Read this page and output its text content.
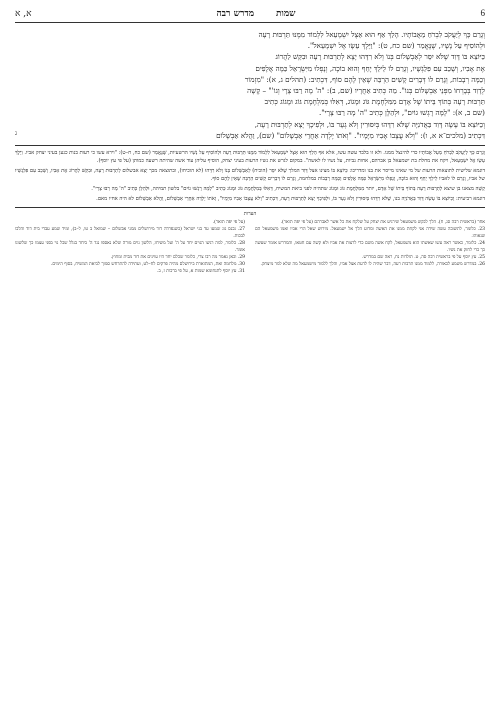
6
שמות
מדרש רבה
א, א
וְגָרַם כָּךְ לְיַעֲקֹב לִבְרֹחַ מֵאֲבוֹתָיו. הָלַךְ אַף הוּא אֵצֶל יִשְׁמָעֵאל לִלְמוֹד מִמֶּנּוּ תַּרְבּוּת רָעָה
וּלְהוֹסִיף עַל נָשָׁיו, שֶׁנֶּאֱמַר (שם כח, ט): "וַיֵּלֶךְ עֵשָׂו אֶל יִשְׁמָעֵאל".
כַּיּוֹצֵא בּוֹ דָּוִד שֶׁלֹּא יִסֵּר לְאַבְשָׁלוֹם בְּנוֹ וְלֹא רִדָּהוּ יָצָא לְתַרְבּוּת רָעָה וּבִקֵּשׁ לַהֲרוֹג
אֶת אָבִיו, וְשָׁכַב עִם פִּלַגְשָׁיו, וְגָרַם לוֹ לֵילֵךְ יָחֵף וְהוּא בוֹכֶה, וְנָפְלוּ מִיִּשְׂרָאֵל כַּמָּה אֲלָפִים
וְכַמָּה רְבָבוֹת, וְגָרַם לוֹ דְּבָרִים קָשִׁים הַרְבֵּה שֶׁאֵין לָהֶם סוֹף, דִּכְתִיב: (תהלים ג, א): "מִזְמוֹר
לְדָוִד בְּבָרְחוֹ מִפְּנֵי אַבְשָׁלוֹם בְּנוֹ". מַה כְּתִיב אַחֲרָיו (שם, ב): "ה' מָה רַבּוּ צָרָי וְגוֹ'" – קָשָׁה
תַּרְבּוּת רָעָה בְּתוֹךְ בֵּיתוֹ שֶׁל אָדָם מִמִּלְחֶמֶת גּוֹג וּמָגוֹג, דְּאִלּוּ בְּמִלְחֶמֶת גּוֹג וּמָגוֹג כְּתִיב
(שם ב, א): "לָמָּה רָגְשׁוּ גוֹיִם", וּלְהַלָּן כְּתִיב "ה' מָה רַבּוּ צָרָי".
וְכַיּוֹצֵא בּוֹ עָשָׂה דָּוִד בַּאֲדֹנִיָּה שֶׁלֹּא רִדָּהוּ בְּיִסּוּרִין וְלֹא גְעָר בּוֹ, וּלְפִיכָךְ יָצָא לְתַרְבּוּת רָעָה,
דִּכְתִיב (מלכים־א א, ו): "וְלֹא עֲצָבוֹ אָבִיו מִיָּמָיו". "וְאֹתוֹ יָלְדָה אַחֲרֵי אַבְשָׁלוֹם" (שם), וַהֲלֹא אַבְשָׁלוֹם
ג

וְגָרַם כָּךְ לְיַעֲקֹב לִבְרֹחַ מֵעַל אֲבוֹתָיו כדי להינצל ממנו. ולא זו בלבד עשה עשו, אלא אף הָלַךְ הוּא אֵצֶל יִשְׁמָעֵאל לִלְמוֹד מִמֶּנּוּ תַּרְבּוּת רָעָה וּלְהוֹסִיף עַל נָשָׁיו הרשעיות, שֶׁנֶּאֱמַר (שם כח, ח–ט): "וירא עשו כי רעות בנות כנען בעיני יצחק אביו. וַיֵּלֶךְ עֵשָׂו אֶל יִשְׁמָעֵאל, ויקח את מחלת בת ישמעאל בן אברהם, אחות נביות, על נשיו לו לאשה". במקום לגרש את נשיו הרעות בעיני יצחק, הוסיף עליהן עוד אשה שהיתה רשעה כמותן (על פי עץ יוסף).

דוגמא שלישית לתוצאות הרעות של מי שאינו מייסר את בנו ומדריכו: כַּיּוֹצֵא בּוֹ מצינו אצל דָּוִד המלך שֶׁלֹּא יִסֵּר (הוכיח) לְאַבְשָׁלוֹם בְּנוֹ וְלֹא רִדָּהוּ (לא הוכיחו), ובתוצאה מכך יָצָא אבשלום לְתַרְבּוּת רָעָה, וּבִקֵּשׁ לַהֲרוֹג אֶת אָבִיו, וְשָׁכַב עִם פִּלַגְשָׁיו של אביו, וְגָרַם לוֹ לאביו לֵילֵךְ יָחֵף וְהוּא בוֹכֶה, וְנָפְלוּ מִיִּשְׂרָאֵל כַּמָּה אֲלָפִים וְכַמָּה רְבָבוֹת במלחמה, וְגָרַם לוֹ דְּבָרִים קָשִׁים הַרְבֵּה שֶׁאֵין לָהֶם סוֹף.

קָשָׁה מצאנו בן שיצא לְתַרְבּוּת רָעָה בְּתוֹךְ בֵּיתוֹ שֶׁל אָדָם, יותר מִמִּלְחֶמֶת גּוֹג וּמָגוֹג שתהיה לפני ביאת המשיח, דְּאִלּוּ בְּמִלְחֶמֶת גּוֹג וּמָגוֹג כְּתִיב "לָמָּה רָגְשׁוּ גוֹיִם" בלשון תמיהה, וּלְהַלָּן כְּתִיב "ה' מָה רַבּוּ צָרָי".

דוגמא רביעית: וְכַיּוֹצֵא בּוֹ עָשָׂה דָּוִד בַּאֲדֹנִיָּה בנו, שֶׁלֹּא רִדָּהוּ בְּיִסּוּרִין וְלֹא גְעָר בּוֹ, וּלְפִיכָךְ יָצָא לְתַרְבּוּת רָעָה, דִּכְתִיב "וְלֹא עֲצָבוֹ אָבִיו מִיָּמָיו", וְאֹתוֹ יָלְדָה אַחֲרֵי אַבְשָׁלוֹם, וַהֲלֹא אַבְשָׁלוֹם לא היה אחיו מאם.

הערות

אחר (בראשית רבה סג, ח). הלך לבקש משמעאל שירגיע את יצחק על שלקח את כל אשר לאברהם (על פי יפה תואר).

23. כלומר, לתשובה עשה שידה אני לקחת ממנו את האשה ומדוע הלך אל ישמעאל. מירוש שאל הרי אביו ואמו משמעאל הם שנאוהו.

24. כלומר, כאשר ראה עשו שאשתו הוא משמעאל, לקח אשה משם כדי לרצות את אביו ולא קשה עם חטאו, והמדרש אומר שעשה כך כדי לחזק את נשיו.

25. עץ יוסף על פי בראשית רבה סה, ט. תולדות נח, ראה שם במדרש.

26. במדרש משמע לכאורה, ללמוד ממנו תרבות רעה, דבר שהיה לו לדעת אצל אביו, והלך ללמוד מישמעאל מה שלא למד מיצחק.

(על פי יפה תואר).

27. נכנס גוג שמעו עד בני ישראל (כשנפרדה דוד מירושלים ממני אבשלום – שמואל ב טו, ל–ב), ומיד שמע עבדי בית דוד והלכו לבכות.

28. כלומר, למה רגשו הגוים יחד על ה' ועל משיחו, הלשון גוים מורה שלא נאספו נגד ה' ביחד בגלל שכל גוי בפני עצמו כך שלשונו אומר.

29. וכאן נאמר מה רבו צרי, כלומר שכלם יחד היו עוינים את דוד מבית ומחוץ.

30. מלחמה זאת, המתוארת בירושלם מהיה פרקים לח–לט, ועתידה להתרחש סמוך לביאת המשיח, בסוף הימים.

31. עץ יוסף לתנחומא שמות א, על פי ברכות ז, ב.
